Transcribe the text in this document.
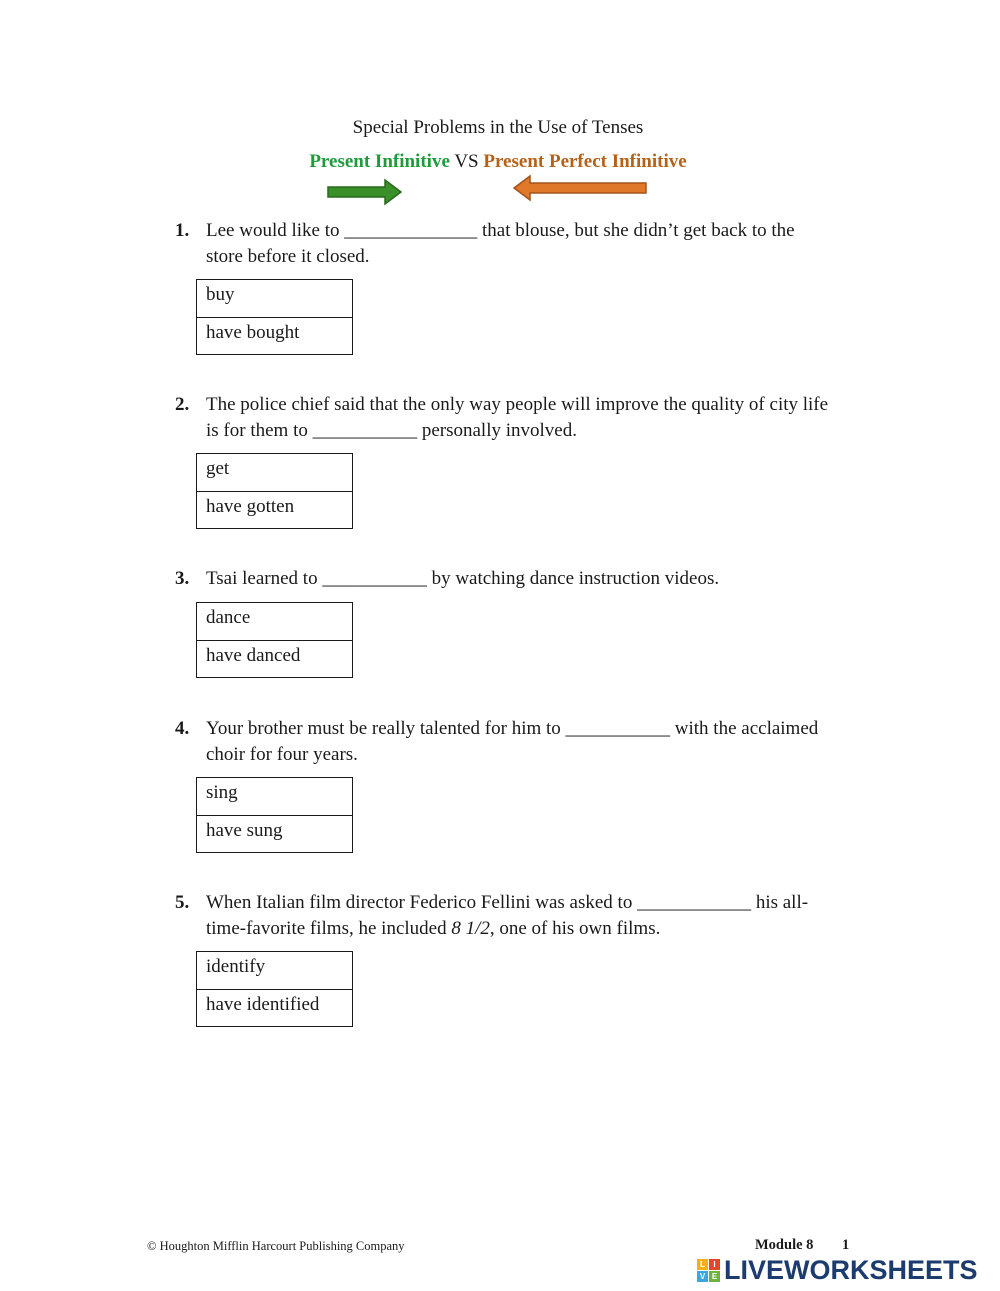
Special Problems in the Use of Tenses
Present Infinitive VS Present Perfect Infinitive
1. Lee would like to ______________ that blouse, but she didn’t get back to the
store before it closed.
buy
have bought
2. The police chief said that the only way people will improve the quality of city life
is for them to ___________ personally involved.
get
have gotten
3. Tsai learned to ___________ by watching dance instruction videos.
dance
have danced
4. Your brother must be really talented for him to ___________ with the acclaimed
choir for four years.
sing
have sung
5. When Italian film director Federico Fellini was asked to ____________ his all-
time-favorite films, he included 8 1/2, one of his own films.
identify
have identified
© Houghton Mifflin Harcourt Publishing Company	Module 8 1
L	I
V E LIVEWORKSHEETS
